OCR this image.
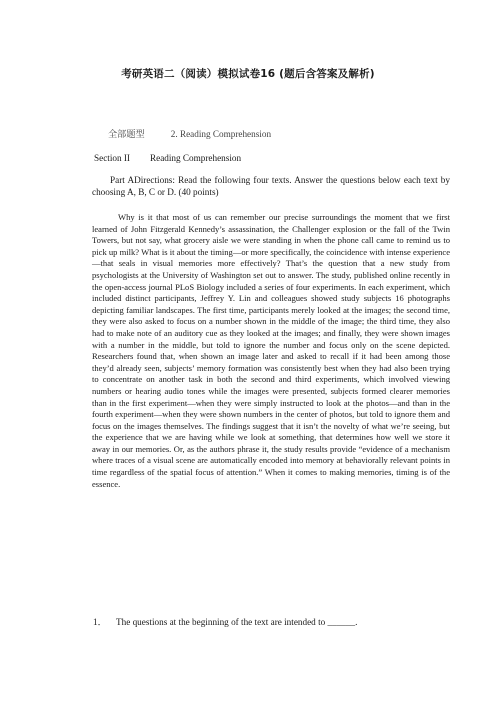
考研英语二（阅读）模拟试卷16 (题后含答案及解析)
全部题型	2. Reading Comprehension
Section II Reading Comprehension
Part ADirections: Read the following four texts. Answer the questions below each text by choosing A, B, C or D. (40 points)
Why is it that most of us can remember our precise surroundings the moment that we first learned of John Fitzgerald Kennedy’s assassination, the Challenger explosion or the fall of the Twin Towers, but not say, what grocery aisle we were standing in when the phone call came to remind us to pick up milk? What is it about the timing—or more specifically, the coincidence with intense experience—that seals in visual memories more effectively? That’s the question that a new study from psychologists at the University of Washington set out to answer. The study, published online recently in the open-access journal PLoS Biology included a series of four experiments. In each experiment, which included distinct participants, Jeffrey Y. Lin and colleagues showed study subjects 16 photographs depicting familiar landscapes. The first time, participants merely looked at the images; the second time, they were also asked to focus on a number shown in the middle of the image; the third time, they also had to make note of an auditory cue as they looked at the images; and finally, they were shown images with a number in the middle, but told to ignore the number and focus only on the scene depicted. Researchers found that, when shown an image later and asked to recall if it had been among those they’d already seen, subjects’ memory formation was consistently best when they had also been trying to concentrate on another task in both the second and third experiments, which involved viewing numbers or hearing audio tones while the images were presented, subjects formed clearer memories than in the first experiment—when they were simply instructed to look at the photos—and than in the fourth experiment—when they were shown numbers in the center of photos, but told to ignore them and focus on the images themselves. The findings suggest that it isn’t the novelty of what we’re seeing, but the experience that we are having while we look at something, that determines how well we store it away in our memories. Or, as the authors phrase it, the study results provide “evidence of a mechanism where traces of a visual scene are automatically encoded into memory at behaviorally relevant points in time regardless of the spatial focus of attention.” When it comes to making memories, timing is of the essence.
1． The questions at the beginning of the text are intended to ______.
